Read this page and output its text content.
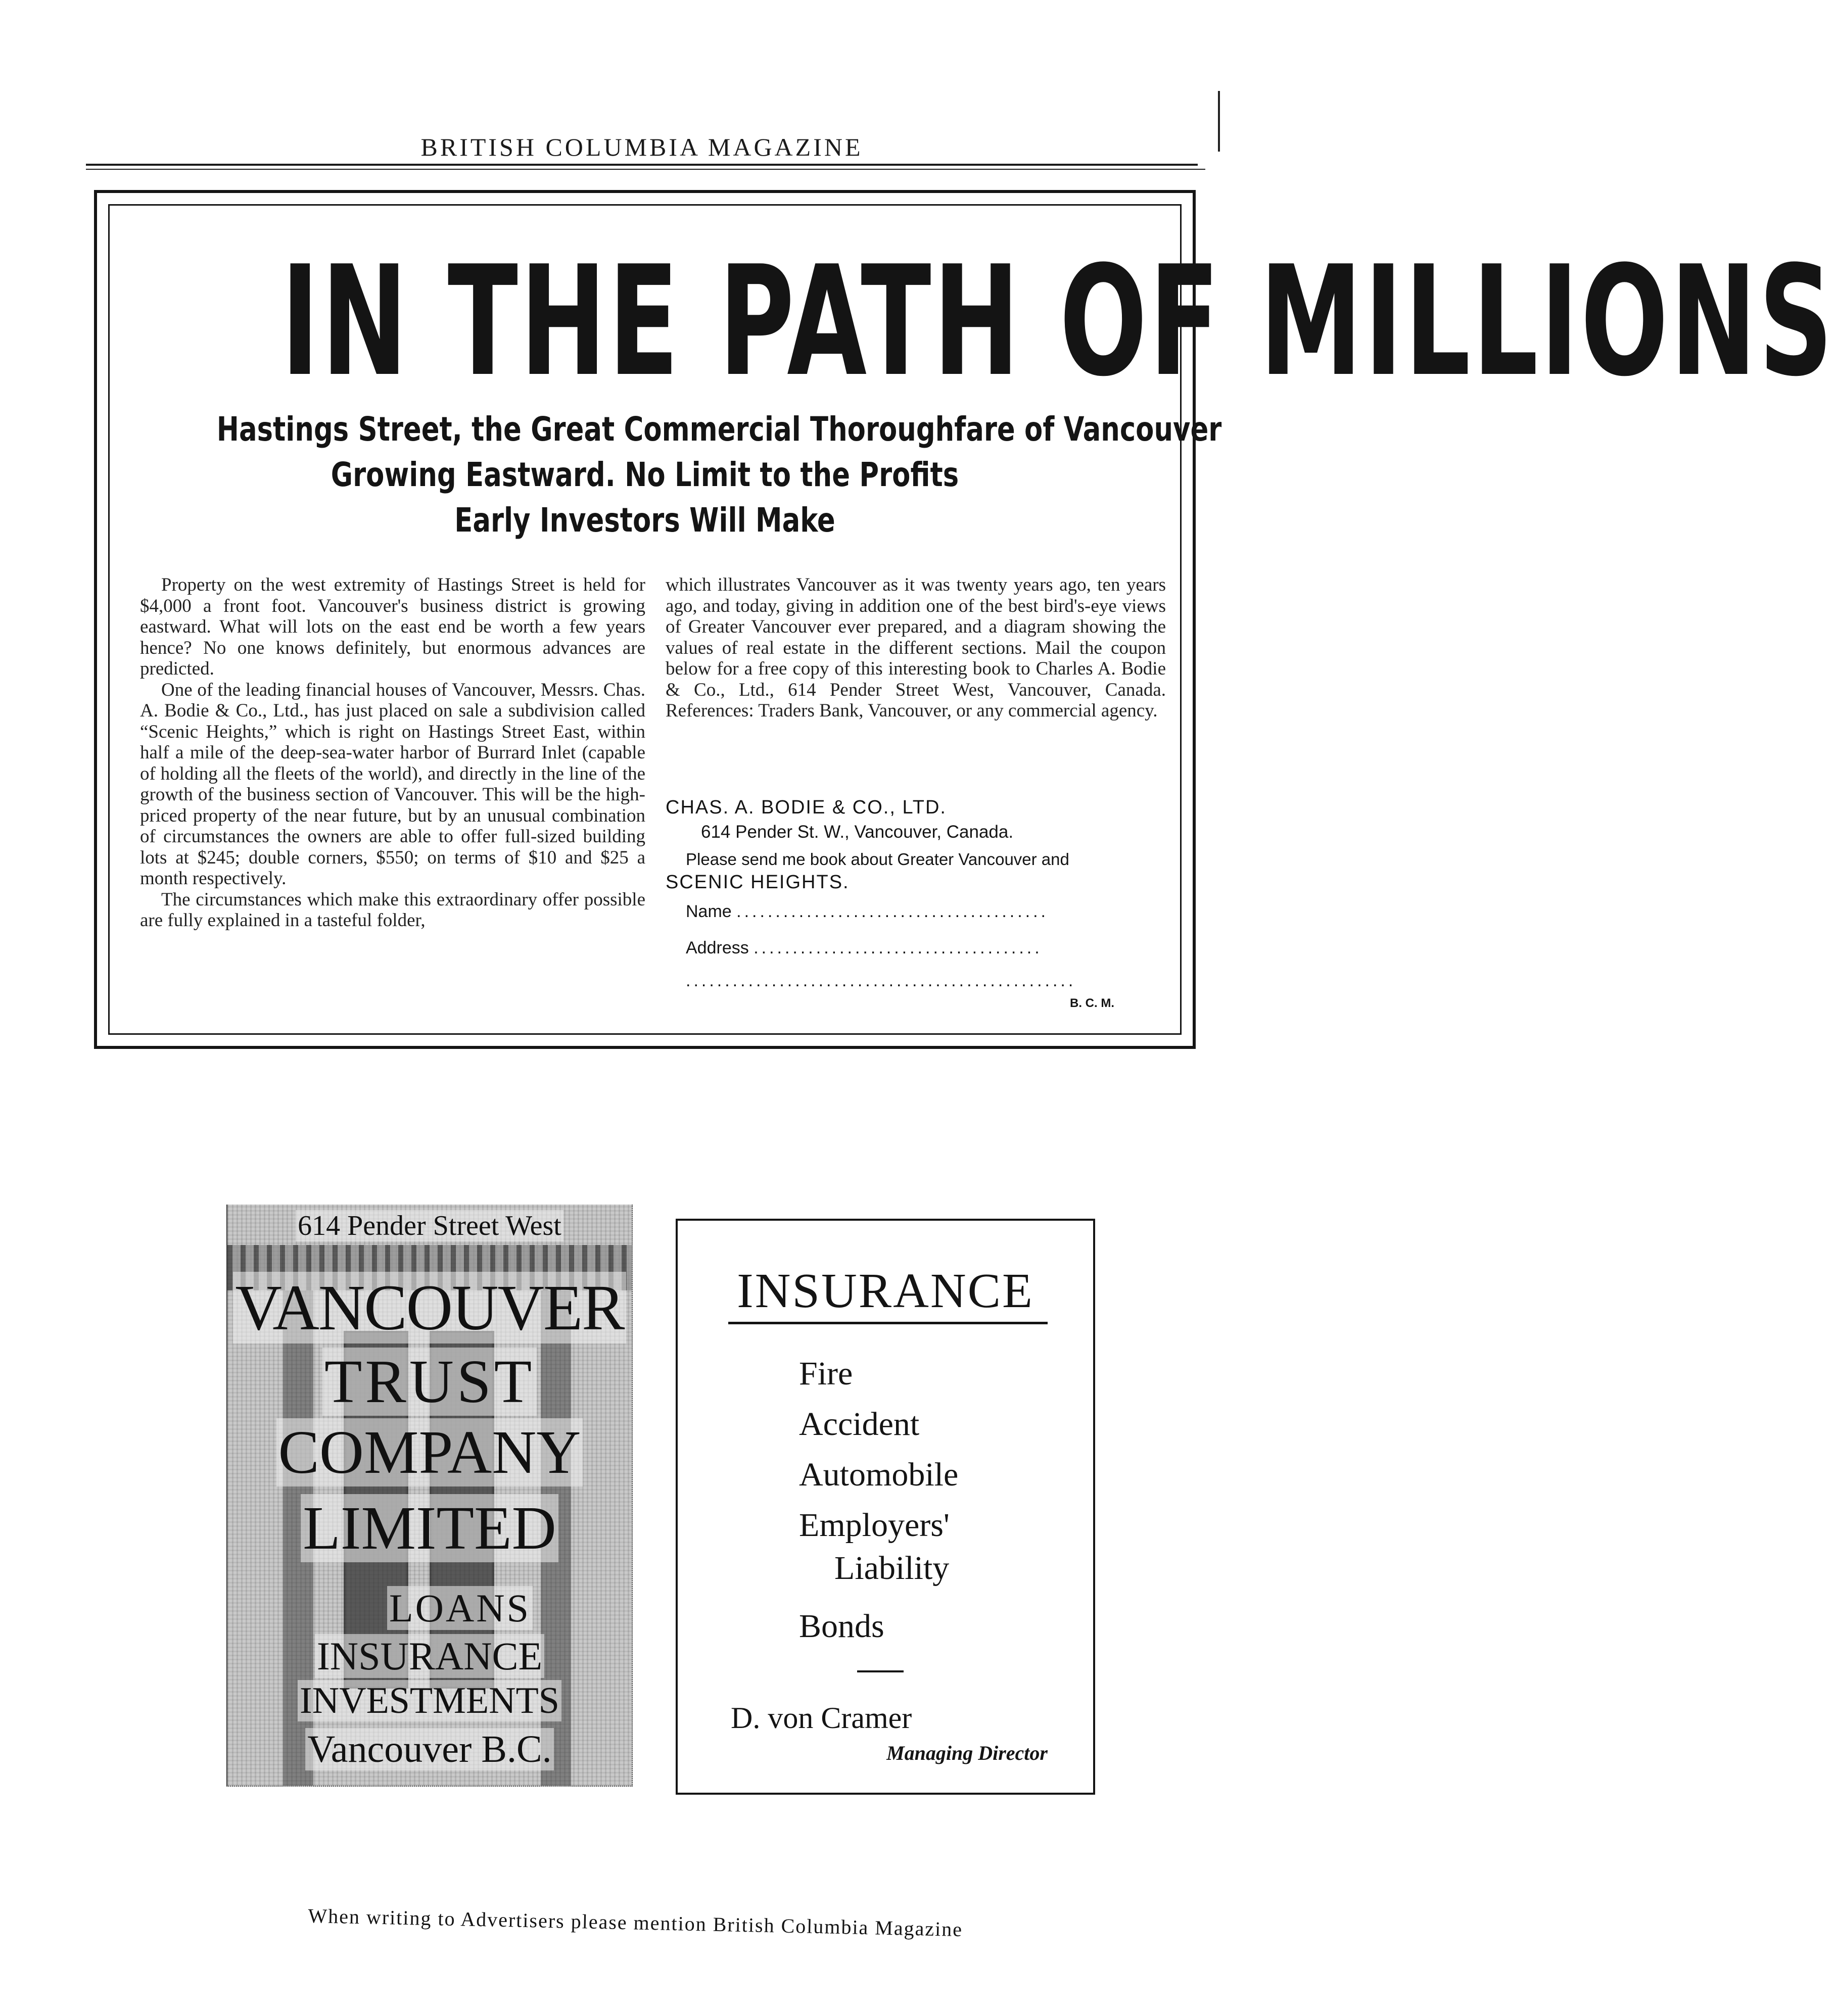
BRITISH COLUMBIA MAGAZINE
IN THE PATH OF MILLIONS
Hastings Street, the Great Commercial Thoroughfare of Vancouver
Growing Eastward. No Limit to the Profits
Early Investors Will Make

Property on the west extremity of Hastings Street is held for $4,000 a front foot. Vancouver's business district is growing eastward. What will lots on the east end be worth a few years hence? No one knows definitely, but enormous advances are predicted.

One of the leading financial houses of Vancouver, Messrs. Chas. A. Bodie & Co., Ltd., has just placed on sale a subdivision called “Scenic Heights,” which is right on Hastings Street East, within half a mile of the deep-sea-water harbor of Burrard Inlet (capable of holding all the fleets of the world), and directly in the line of the growth of the business section of Vancouver. This will be the high-priced property of the near future, but by an unusual combination of circumstances the owners are able to offer full-sized building lots at $245; double corners, $550; on terms of $10 and $25 a month respectively.

The circumstances which make this extraordinary offer possible are fully explained in a tasteful folder,

which illustrates Vancouver as it was twenty years ago, ten years ago, and today, giving in addition one of the best bird's-eye views of Greater Vancouver ever prepared, and a diagram showing the values of real estate in the different sections. Mail the coupon below for a free copy of this interesting book to Charles A. Bodie & Co., Ltd., 614 Pender Street West, Vancouver, Canada. References: Traders Bank, Vancouver, or any commercial agency.

CHAS. A. BODIE & CO., LTD.
614 Pender St. W., Vancouver, Canada.
Please send me book about Greater Vancouver and
SCENIC HEIGHTS.
Name ........................................
Address .....................................
..................................................
B. C. M.
614 Pender Street West
VANCOUVER
TRUST
COMPANY
LIMITED
LOANS
INSURANCE
INVESTMENTS
Vancouver B.C.
INSURANCE
Fire
Accident
Automobile
Employers'
Liability
Bonds
D. von Cramer
Managing Director
When writing to Advertisers please mention British Columbia Magazine
